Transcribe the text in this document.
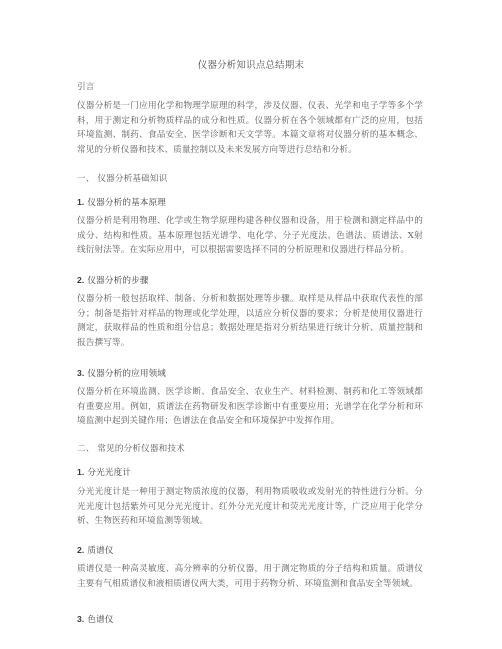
仪器分析知识点总结期末
引言
仪器分析是一门应用化学和物理学原理的科学，涉及仪器、仪表、光学和电子学等多个学科，用于测定和分析物质样品的成分和性质。仪器分析在各个领域都有广泛的应用，包括环境监测、制药、食品安全、医学诊断和天文学等。本篇文章将对仪器分析的基本概念、常见的分析仪器和技术、质量控制以及未来发展方向等进行总结和分析。
一、 仪器分析基础知识
1. 仪器分析的基本原理
仪器分析是利用物理、化学或生物学原理构建各种仪器和设备，用于检测和测定样品中的成分、结构和性质。基本原理包括光谱学、电化学、分子光度法、色谱法、质谱法、X射线衍射法等。在实际应用中，可以根据需要选择不同的分析原理和仪器进行样品分析。
2. 仪器分析的步骤
仪器分析一般包括取样、制备、分析和数据处理等步骤。取样是从样品中获取代表性的部分；制备是指针对样品的物理或化学处理，以适应分析仪器的要求；分析是使用仪器进行测定，获取样品的性质和组分信息；数据处理是指对分析结果进行统计分析、质量控制和报告撰写等。
3. 仪器分析的应用领域
仪器分析在环境监测、医学诊断、食品安全、农业生产、材料检测、制药和化工等领域都有重要应用。例如，质谱法在药物研发和医学诊断中有重要应用；光谱学在化学分析和环境监测中起到关键作用；色谱法在食品安全和环境保护中发挥作用。
二、 常见的分析仪器和技术
1. 分光光度计
分光光度计是一种用于测定物质浓度的仪器，利用物质吸收或发射光的特性进行分析。分光光度计包括紫外可见分光光度计、红外分光光度计和荧光光度计等，广泛应用于化学分析、生物医药和环境监测等领域。
2. 质谱仪
质谱仪是一种高灵敏度、高分辨率的分析仪器，用于测定物质的分子结构和质量。质谱仪主要有气相质谱仪和液相质谱仪两大类，可用于药物分析、环境监测和食品安全等领域。
3. 色谱仪
